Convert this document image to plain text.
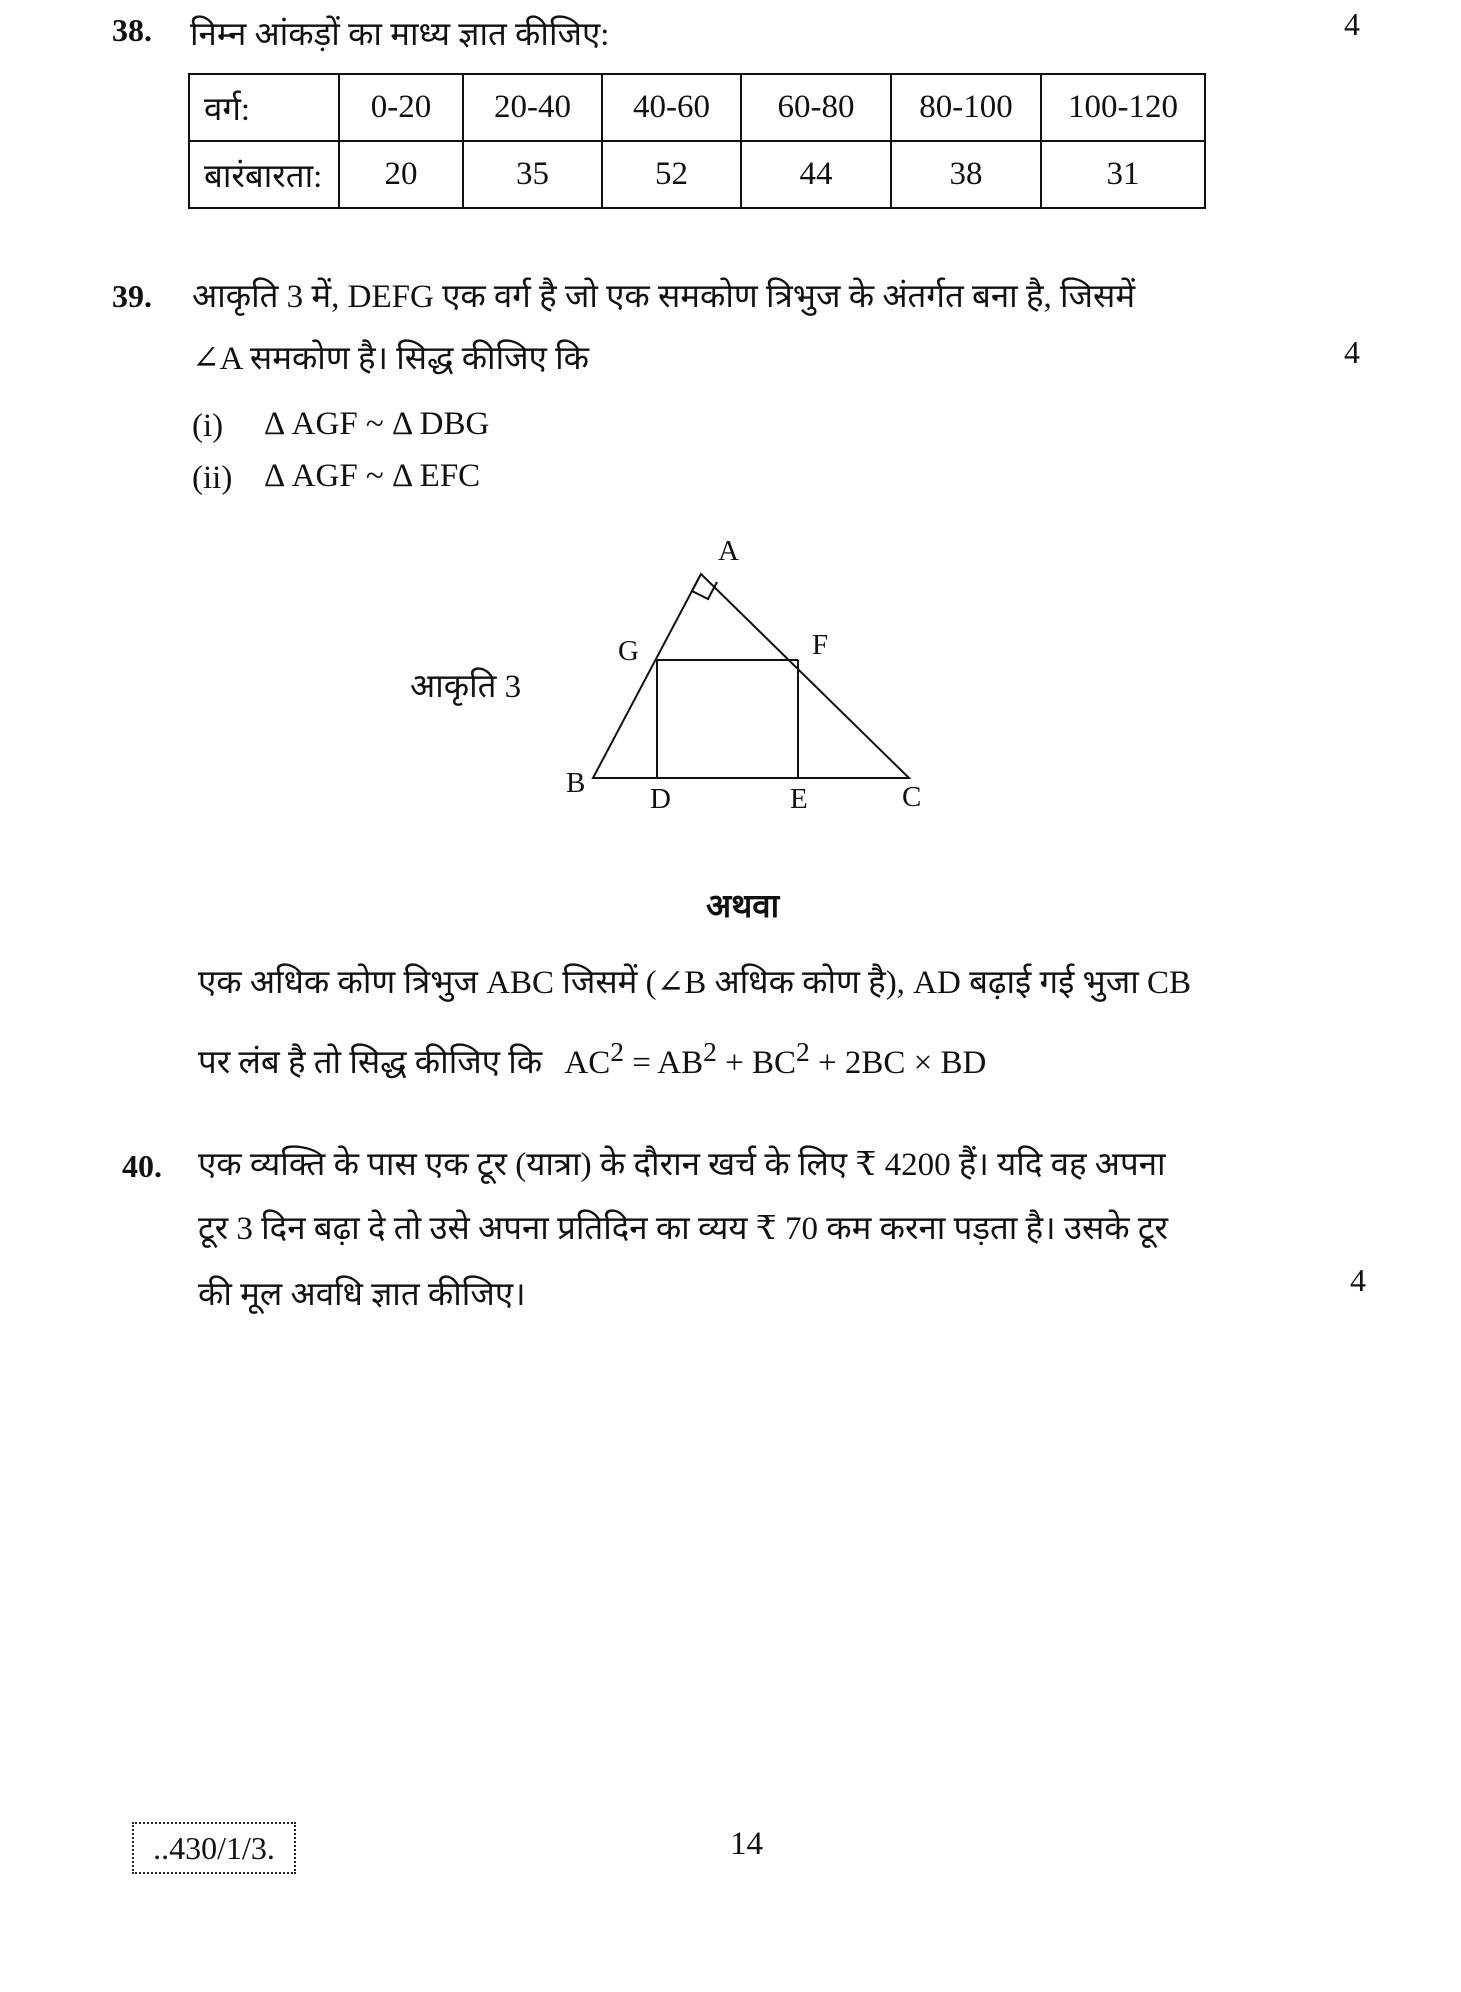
38. निम्न आंकड़ों का माध्य ज्ञात कीजिए:	4
वर्ग:	0-20	20-40	40-60	60-80	80-100	100-120
बारंबारता:	20	35	52	44	38	31
39. आकृति 3 में, DEFG एक वर्ग है जो एक समकोण त्रिभुज के अंतर्गत बना है, जिसमें
∠A समकोण है। सिद्ध कीजिए कि	4
(i) Δ AGF ~ Δ DBG
(ii) Δ AGF ~ Δ EFC
आकृति 3
A
B	C
D	E
F
G
अथवा
एक अधिक कोण त्रिभुज ABC जिसमें (∠B अधिक कोण है), AD बढ़ाई गई भुजा CB
पर लंब है तो सिद्ध कीजिए कि $AC^2 = AB^2 + BC^2 + 2BC$ × BD
40. एक व्यक्ति के पास एक टूर (यात्रा) के दौरान खर्च के लिए ₹ 4200 हैं। यदि वह अपना
टूर 3 दिन बढ़ा दे तो उसे अपना प्रतिदिन का व्यय ₹ 70 कम करना पड़ता है। उसके टूर
की मूल अवधि ज्ञात कीजिए।	4
..430/1/3.	14
